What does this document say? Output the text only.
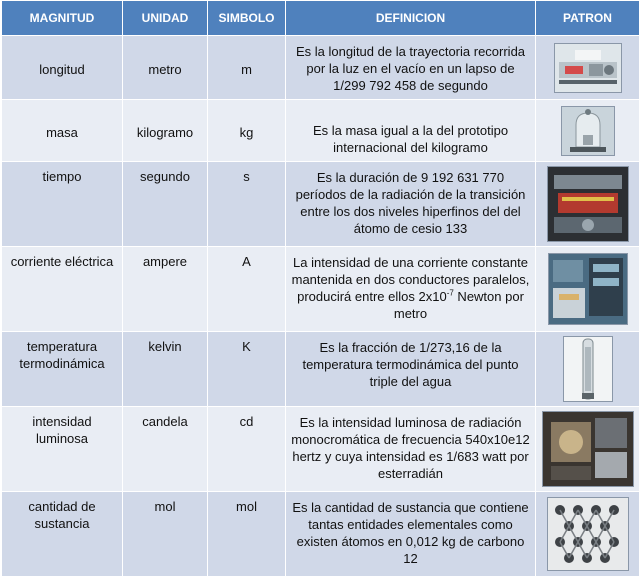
MAGNITUD	UNIDAD	SIMBOLO	DEFINICION	PATRON
longitud	metro	m	Es la longitud de la trayectoria recorrida por la luz en el vacío en un lapso de 1/299 792 458 de segundo	

masa	kilogramo	kg	Es la masa igual a la del prototipo internacional del kilogramo	

tiempo	segundo	s	Es la duración de 9 192 631 770 períodos de la radiación de la transición entre los dos niveles hiperfinos del del átomo de cesio 133	

corriente eléctrica	ampere	A	La intensidad de una corriente constante mantenida en dos conductores paralelos, producirá entre ellos $2x10^{-7}$ Newton por metro	

temperatura termodinámica	kelvin	K	Es la fracción de 1/273,16 de la temperatura termodinámica del punto triple del agua	

intensidad luminosa	candela	cd	Es la intensidad luminosa de radiación monocromática de frecuencia 540x10e12 hertz y cuya intensidad es 1/683 watt por esterradián	

cantidad de sustancia	mol	mol	Es la cantidad de sustancia que contiene tantas entidades elementales como existen átomos en 0,012 kg de carbono 12	
